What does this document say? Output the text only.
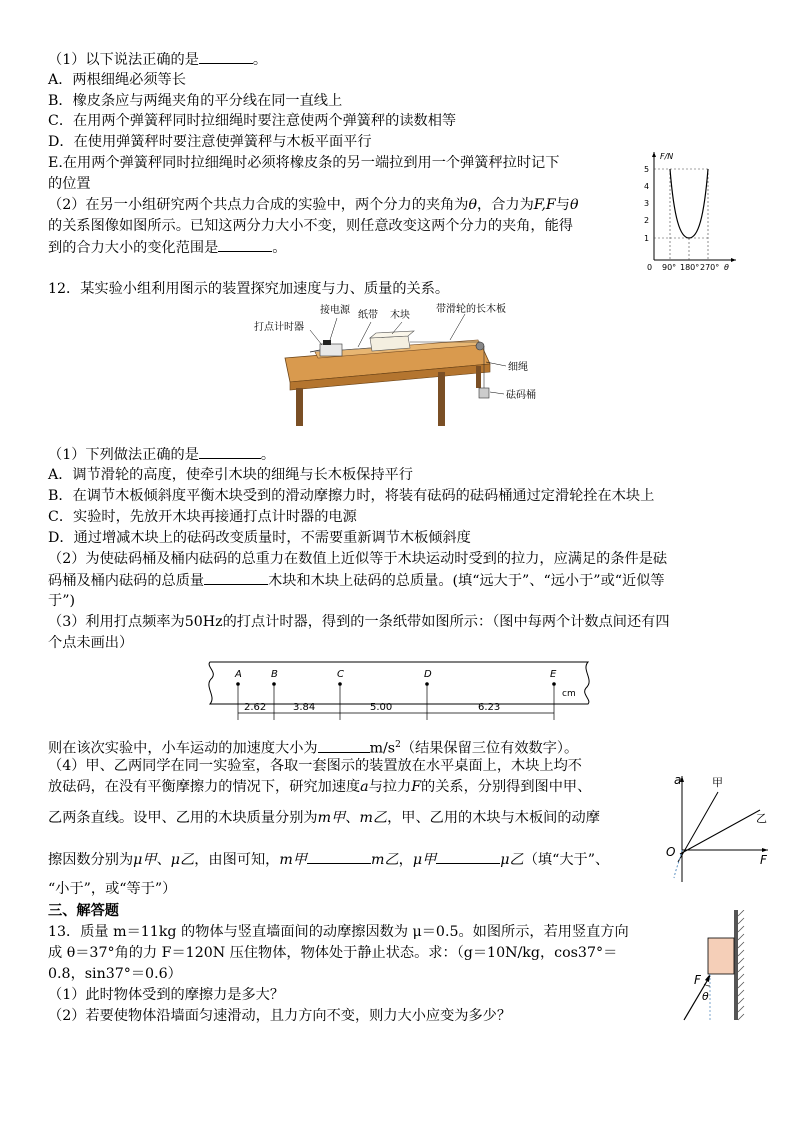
（1）以下说法正确的是	。
A．两根细绳必须等长
B．橡皮条应与两绳夹角的平分线在同一直线上
C．在用两个弹簧秤同时拉细绳时要注意使两个弹簧秤的读数相等
D．在使用弹簧秤时要注意使弹簧秤与木板平面平行
E.在用两个弹簧秤同时拉细绳时必须将橡皮条的另一端拉到用一个弹簧秤拉时记下
的位置
（2）在另一小组研究两个共点力合成的实验中，两个分力的夹角为θ，合力为F,F与θ
的关系图像如图所示。已知这两分力大小不变，则任意改变这两个分力的夹角，能得
到的合力大小的变化范围是	。
F/N
5
4
3
2
1
0 90° 180° 270° θ
12．某实验小组利用图示的装置探究加速度与力、质量的关系。
接电源 纸带 木块
带滑轮的长木板
打点计时器
细绳
砝码桶
（1）下列做法正确的是	。
A．调节滑轮的高度，使牵引木块的细绳与长木板保持平行
B．在调节木板倾斜度平衡木块受到的滑动摩擦力时，将装有砝码的砝码桶通过定滑轮拴在木块上
C．实验时，先放开木块再接通打点计时器的电源
D．通过增减木块上的砝码改变质量时，不需要重新调节木板倾斜度
（2）为使砝码桶及桶内砝码的总重力在数值上近似等于木块运动时受到的拉力，应满足的条件是砝
码桶及桶内砝码的总质量	木块和木块上砝码的总质量。(填“远大于”、“远小于”或“近似等
于”)
（3）利用打点频率为50Hz的打点计时器，得到的一条纸带如图所示：（图中每两个计数点间还有四
个点未画出）
A	B	C	D	E
cm
2.62	3.84	5.00	6.23
则在该次实验中，小车运动的加速度大小为	$m/s^2$（结果保留三位有效数字）。
（4）甲、乙两同学在同一实验室，各取一套图示的装置放在水平桌面上，木块上均不
放砝码，在没有平衡摩擦力的情况下，研究加速度a与拉力F的关系，分别得到图中甲、
乙两条直线。设甲、乙用的木块质量分别为m甲、m乙，甲、乙用的木块与木板间的动摩
擦因数分别为μ甲、μ乙，由图可知，m甲	m乙，μ甲	μ乙（填“大于”、
“小于”，或“等于”）
a
F
O
甲
乙
三、解答题
13．质量 m＝11kg 的物体与竖直墙面间的动摩擦因数为 μ＝0.5。如图所示，若用竖直方向
成 θ＝37°角的力 F＝120N 压住物体，物体处于静止状态。求：（g＝10N/kg，cos37°＝
0.8，sin37°＝0.6）
（1）此时物体受到的摩擦力是多大？
（2）若要使物体沿墙面匀速滑动，且力方向不变，则力大小应变为多少？
F
θ
